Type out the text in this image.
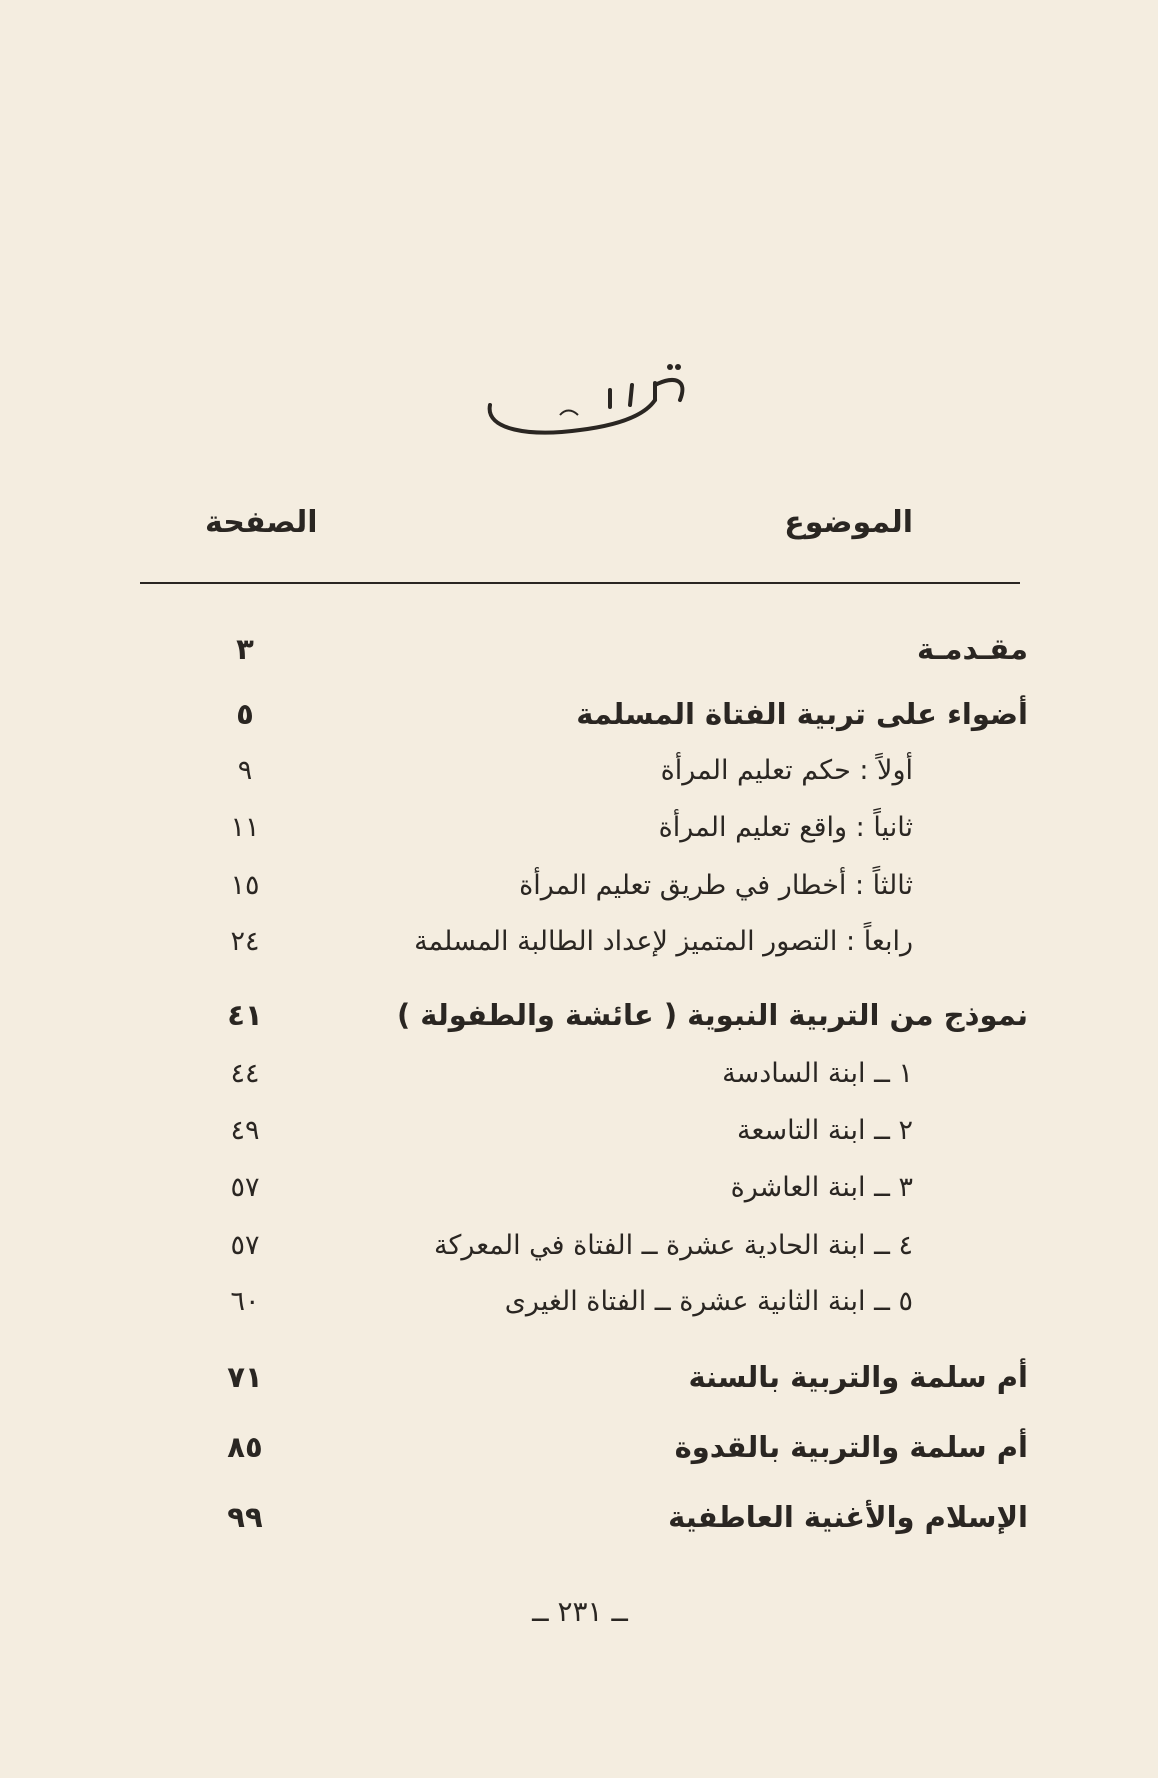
الموضوع
الصفحة
مقـدمـة
٣
أضواء على تربية الفتاة المسلمة
٥
أولاً : حكم تعليم المرأة
٩
ثانياً : واقع تعليم المرأة
١١
ثالثاً : أخطار في طريق تعليم المرأة
١٥
رابعاً : التصور المتميز لإعداد الطالبة المسلمة
٢٤
نموذج من التربية النبوية ( عائشة والطفولة )
٤١
١ ــ ابنة السادسة
٤٤
٢ ــ ابنة التاسعة
٤٩
٣ ــ ابنة العاشرة
٥٧
٤ ــ ابنة الحادية عشرة ــ الفتاة في المعركة
٥٧
٥ ــ ابنة الثانية عشرة ــ الفتاة الغيرى
٦٠
أم سلمة والتربية بالسنة
٧١
أم سلمة والتربية بالقدوة
٨٥
الإسلام والأغنية العاطفية
٩٩
ــ ٢٣١ ــ
